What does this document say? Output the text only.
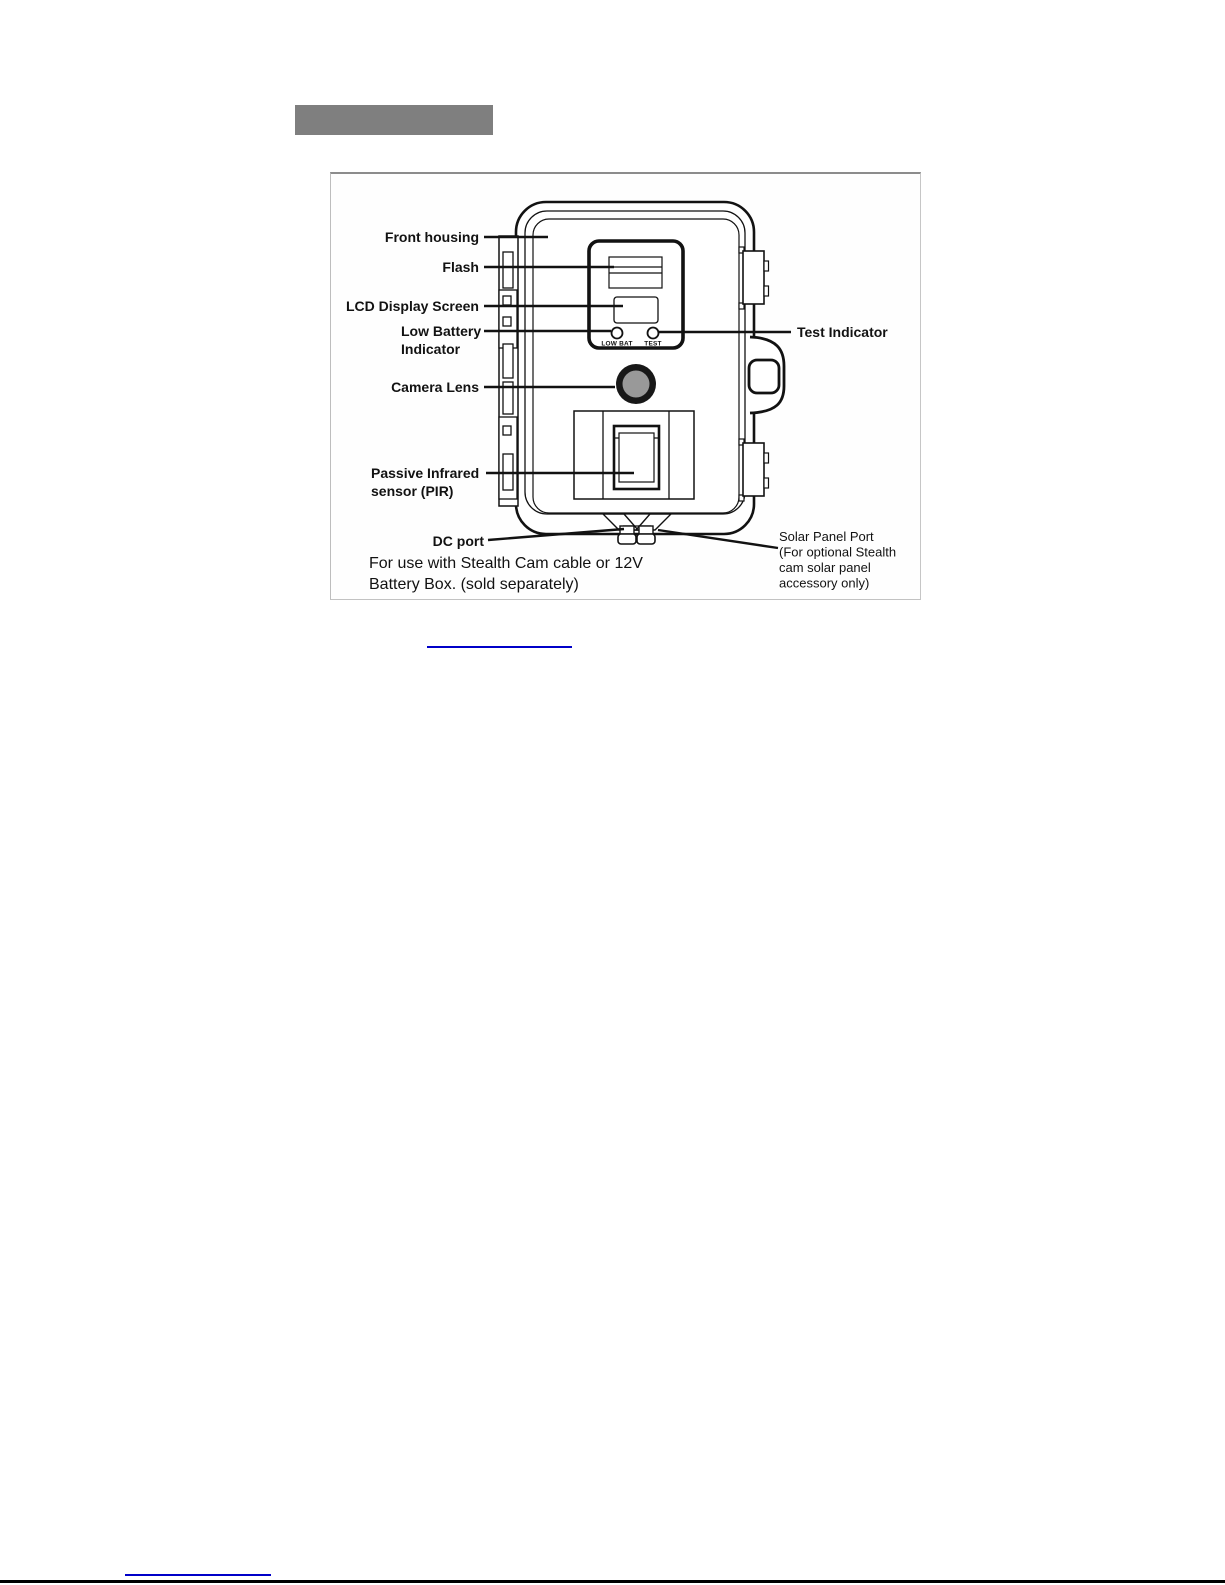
LOW BAT TEST
Front housing
Flash
LCD Display Screen
Low Battery
Indicator
Test Indicator
Camera Lens
Passive Infrared
sensor (PIR)
DC port
For use with Stealth Cam cable or 12V
Battery Box. (sold separately)
Solar Panel Port
(For optional Stealth
cam solar panel
accessory only)
